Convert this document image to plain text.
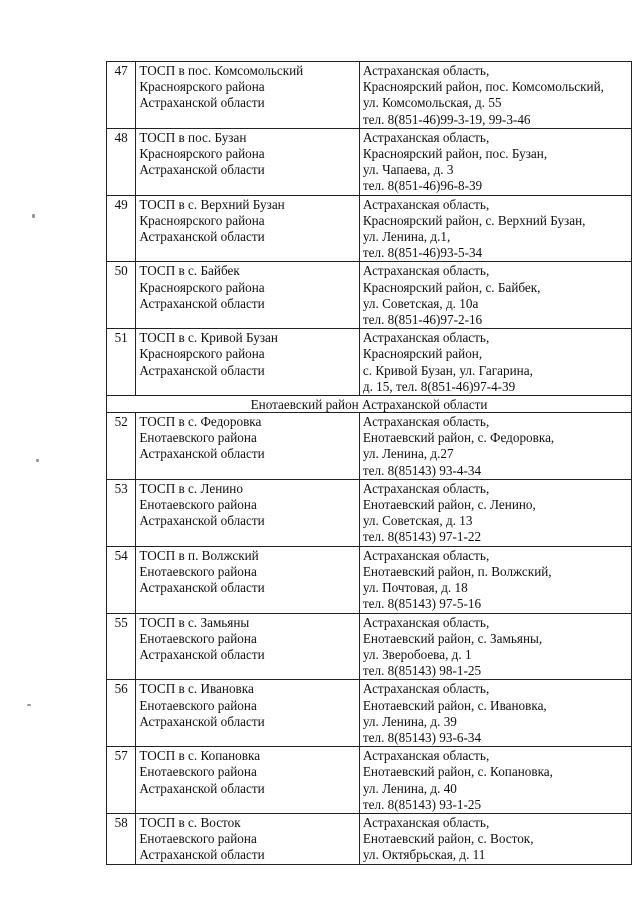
47	ТОСП в пос. Комсомольский
Красноярского района
Астраханской области	Астраханская область,
Красноярский район, пос. Комсомольский,
ул. Комсомольская, д. 55
тел. 8(851-46)99-3-19, 99-3-46

48	ТОСП в пос. Бузан
Красноярского района
Астраханской области	Астраханская область,
Красноярский район, пос. Бузан,
ул. Чапаева, д. 3
тел. 8(851-46)96-8-39

49	ТОСП в с. Верхний Бузан
Красноярского района
Астраханской области	Астраханская область,
Красноярский район, с. Верхний Бузан,
ул. Ленина, д.1,
тел. 8(851-46)93-5-34

50	ТОСП в с. Байбек
Красноярского района
Астраханской области	Астраханская область,
Красноярский район, с. Байбек,
ул. Советская, д. 10а
тел. 8(851-46)97-2-16

51	ТОСП в с. Кривой Бузан
Красноярского района
Астраханской области	Астраханская область,
Красноярский район,
с. Кривой Бузан, ул. Гагарина,
д. 15, тел. 8(851-46)97-4-39

Енотаевский район Астраханской области		
52	ТОСП в с. Федоровка
Енотаевского района
Астраханской области	Астраханская область,
Енотаевский район, с. Федоровка,
ул. Ленина, д.27
тел. 8(85143) 93-4-34

53	ТОСП в с. Ленино
Енотаевского района
Астраханской области	Астраханская область,
Енотаевский район, с. Ленино,
ул. Советская, д. 13
тел. 8(85143) 97-1-22

54	ТОСП в п. Волжский
Енотаевского района
Астраханской области	Астраханская область,
Енотаевский район, п. Волжский,
ул. Почтовая, д. 18
тел. 8(85143) 97-5-16

55	ТОСП в с. Замьяны
Енотаевского района
Астраханской области	Астраханская область,
Енотаевский район, с. Замьяны,
ул. Зверобоева, д. 1
тел. 8(85143) 98-1-25

56	ТОСП в с. Ивановка
Енотаевского района
Астраханской области	Астраханская область,
Енотаевский район, с. Ивановка,
ул. Ленина, д. 39
тел. 8(85143) 93-6-34

57	ТОСП в с. Копановка
Енотаевского района
Астраханской области	Астраханская область,
Енотаевский район, с. Копановка,
ул. Ленина, д. 40
тел. 8(85143) 93-1-25

58	ТОСП в с. Восток
Енотаевского района
Астраханской области	Астраханская область,
Енотаевский район, с. Восток,
ул. Октябрьская, д. 11
